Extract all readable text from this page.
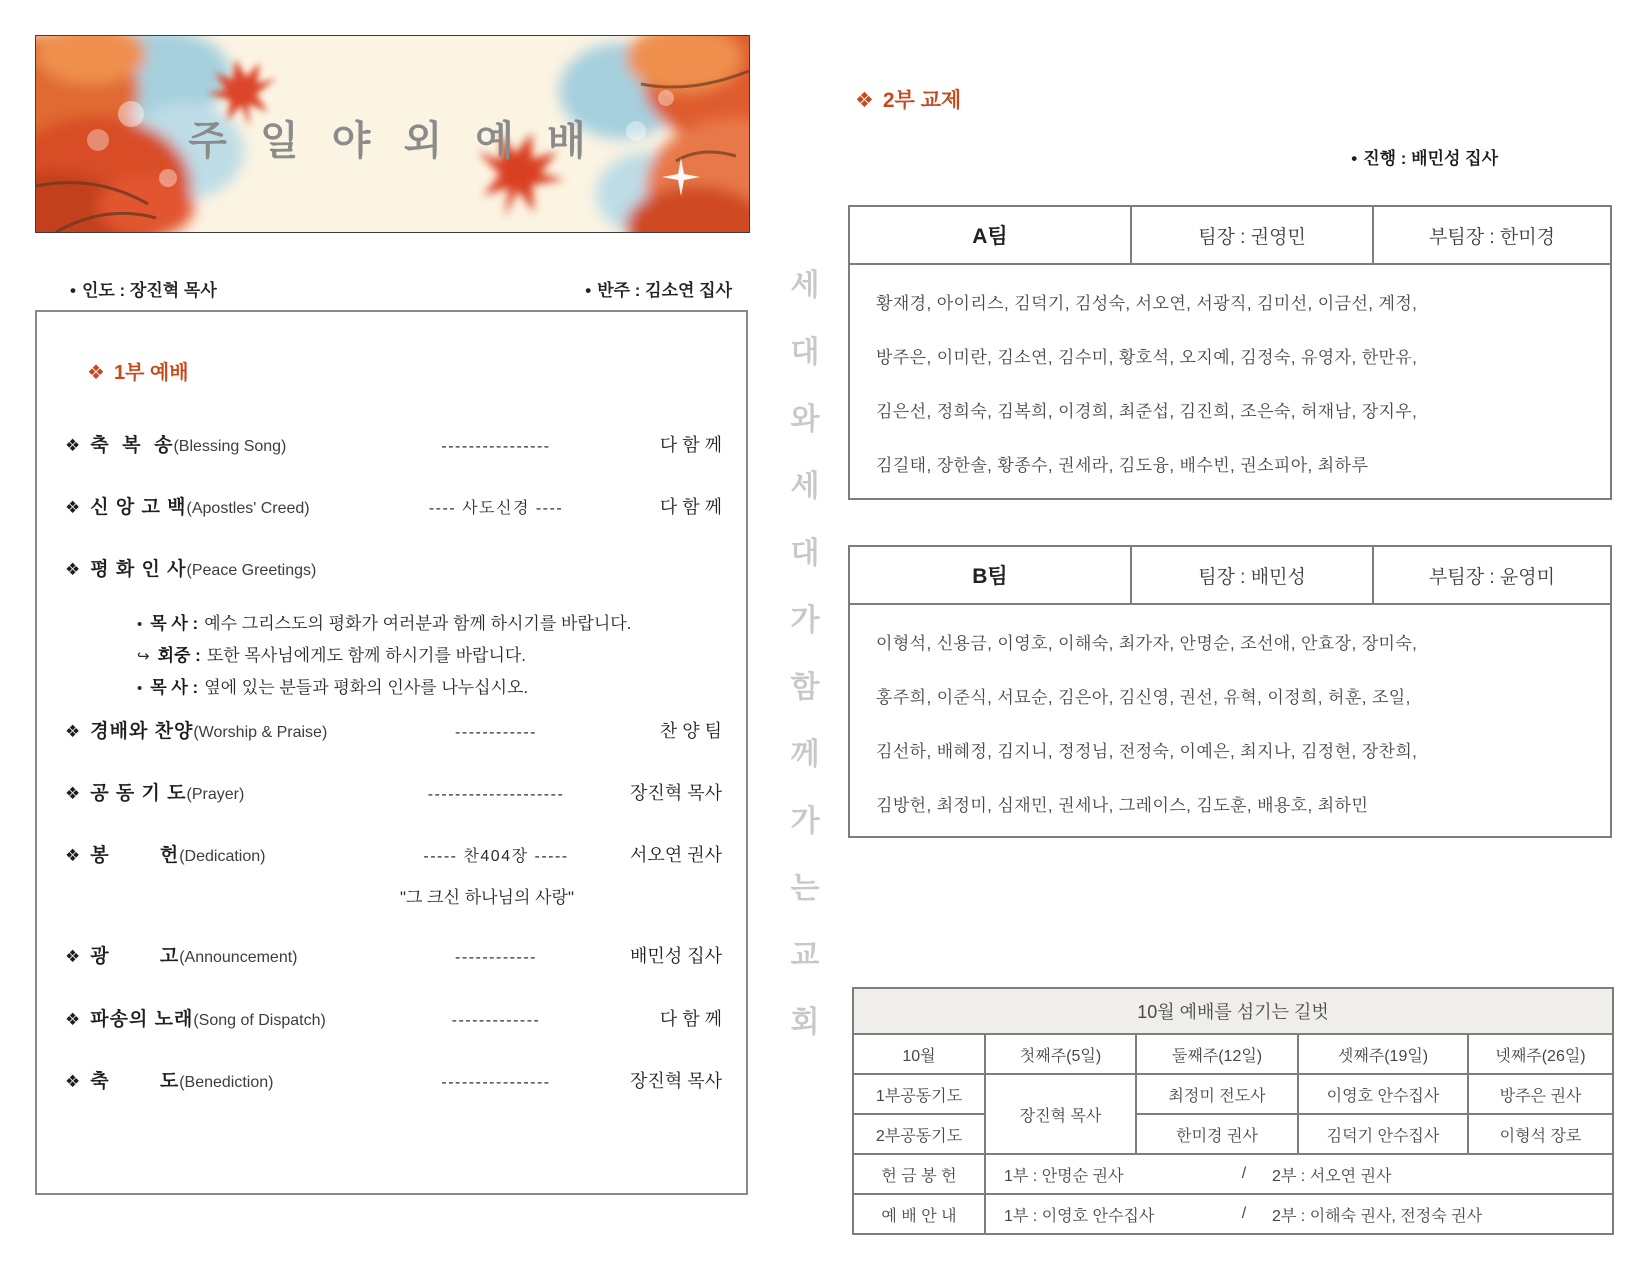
주 일 야 외 예 배
• 인도 : 장진혁 목사	• 반주 : 김소연 집사
❖ 1부 예배
❖ 축  복  송(Blessing Song)	----------------	다 함 께
❖ 신 앙 고 백(Apostles' Creed)	---- 사도신경 ----	다 함 께
❖ 평 화 인 사(Peace Greetings)
• 목 사 : 예수 그리스도의 평화가 여러분과 함께 하시기를 바랍니다.
↪ 회중 : 또한 목사님에게도 함께 하시기를 바랍니다.
• 목 사 : 옆에 있는 분들과 평화의 인사를 나누십시오.
❖ 경배와 찬양(Worship & Praise)	------------	찬 양 팀
❖ 공 동 기 도(Prayer)	--------------------	장진혁 목사
❖ 봉        헌(Dedication)	----- 찬404장 -----	서오연 권사
"그 크신 하나님의 사랑"
❖ 광        고(Announcement)	------------	배민성 집사
❖ 파송의 노래(Song of Dispatch)	-------------	다 함 께
❖ 축        도(Benediction)	----------------	장진혁 목사
세
대
와
세
대
가
함
께
가
는
교
회
❖ 2부 교제
• 진행 : 배민성 집사
A팀	팀장 : 권영민	부팀장 : 한미경
황재경, 아이리스, 김덕기, 김성숙, 서오연, 서광직, 김미선, 이금선, 계정,
방주은, 이미란, 김소연, 김수미, 황호석, 오지예, 김정숙, 유영자, 한만유,
김은선, 정희숙, 김복희, 이경희, 최준섭, 김진희, 조은숙, 허재남, 장지우,
김길태, 장한솔, 황종수, 권세라, 김도융, 배수빈, 권소피아, 최하루
B팀	팀장 : 배민성	부팀장 : 윤영미
이형석, 신용금, 이영호, 이해숙, 최가자, 안명순, 조선애, 안효장, 장미숙,
홍주희, 이준식, 서묘순, 김은아, 김신영, 권선, 유혁, 이정희, 허훈, 조일,
김선하, 배혜정, 김지니, 정정님, 전정숙, 이예은, 최지나, 김정현, 장찬희,
김방헌, 최정미, 심재민, 권세나, 그레이스, 김도훈, 배용호, 최하민
10월 예배를 섬기는 길벗				
10월	첫째주(5일)	둘째주(12일)	셋째주(19일)	넷째주(26일)
1부공동기도	장진혁 목사	최정미 전도사	이영호 안수집사	방주은 권사
2부공동기도		한미경 권사	김덕기 안수집사	이형석 장로
헌 금 봉 헌	1부 : 안명순 권사 / 2부 : 서오연 권사			

예 배 안 내	1부 : 이영호 안수집사 / 2부 : 이해숙 권사, 전정숙 권사			
